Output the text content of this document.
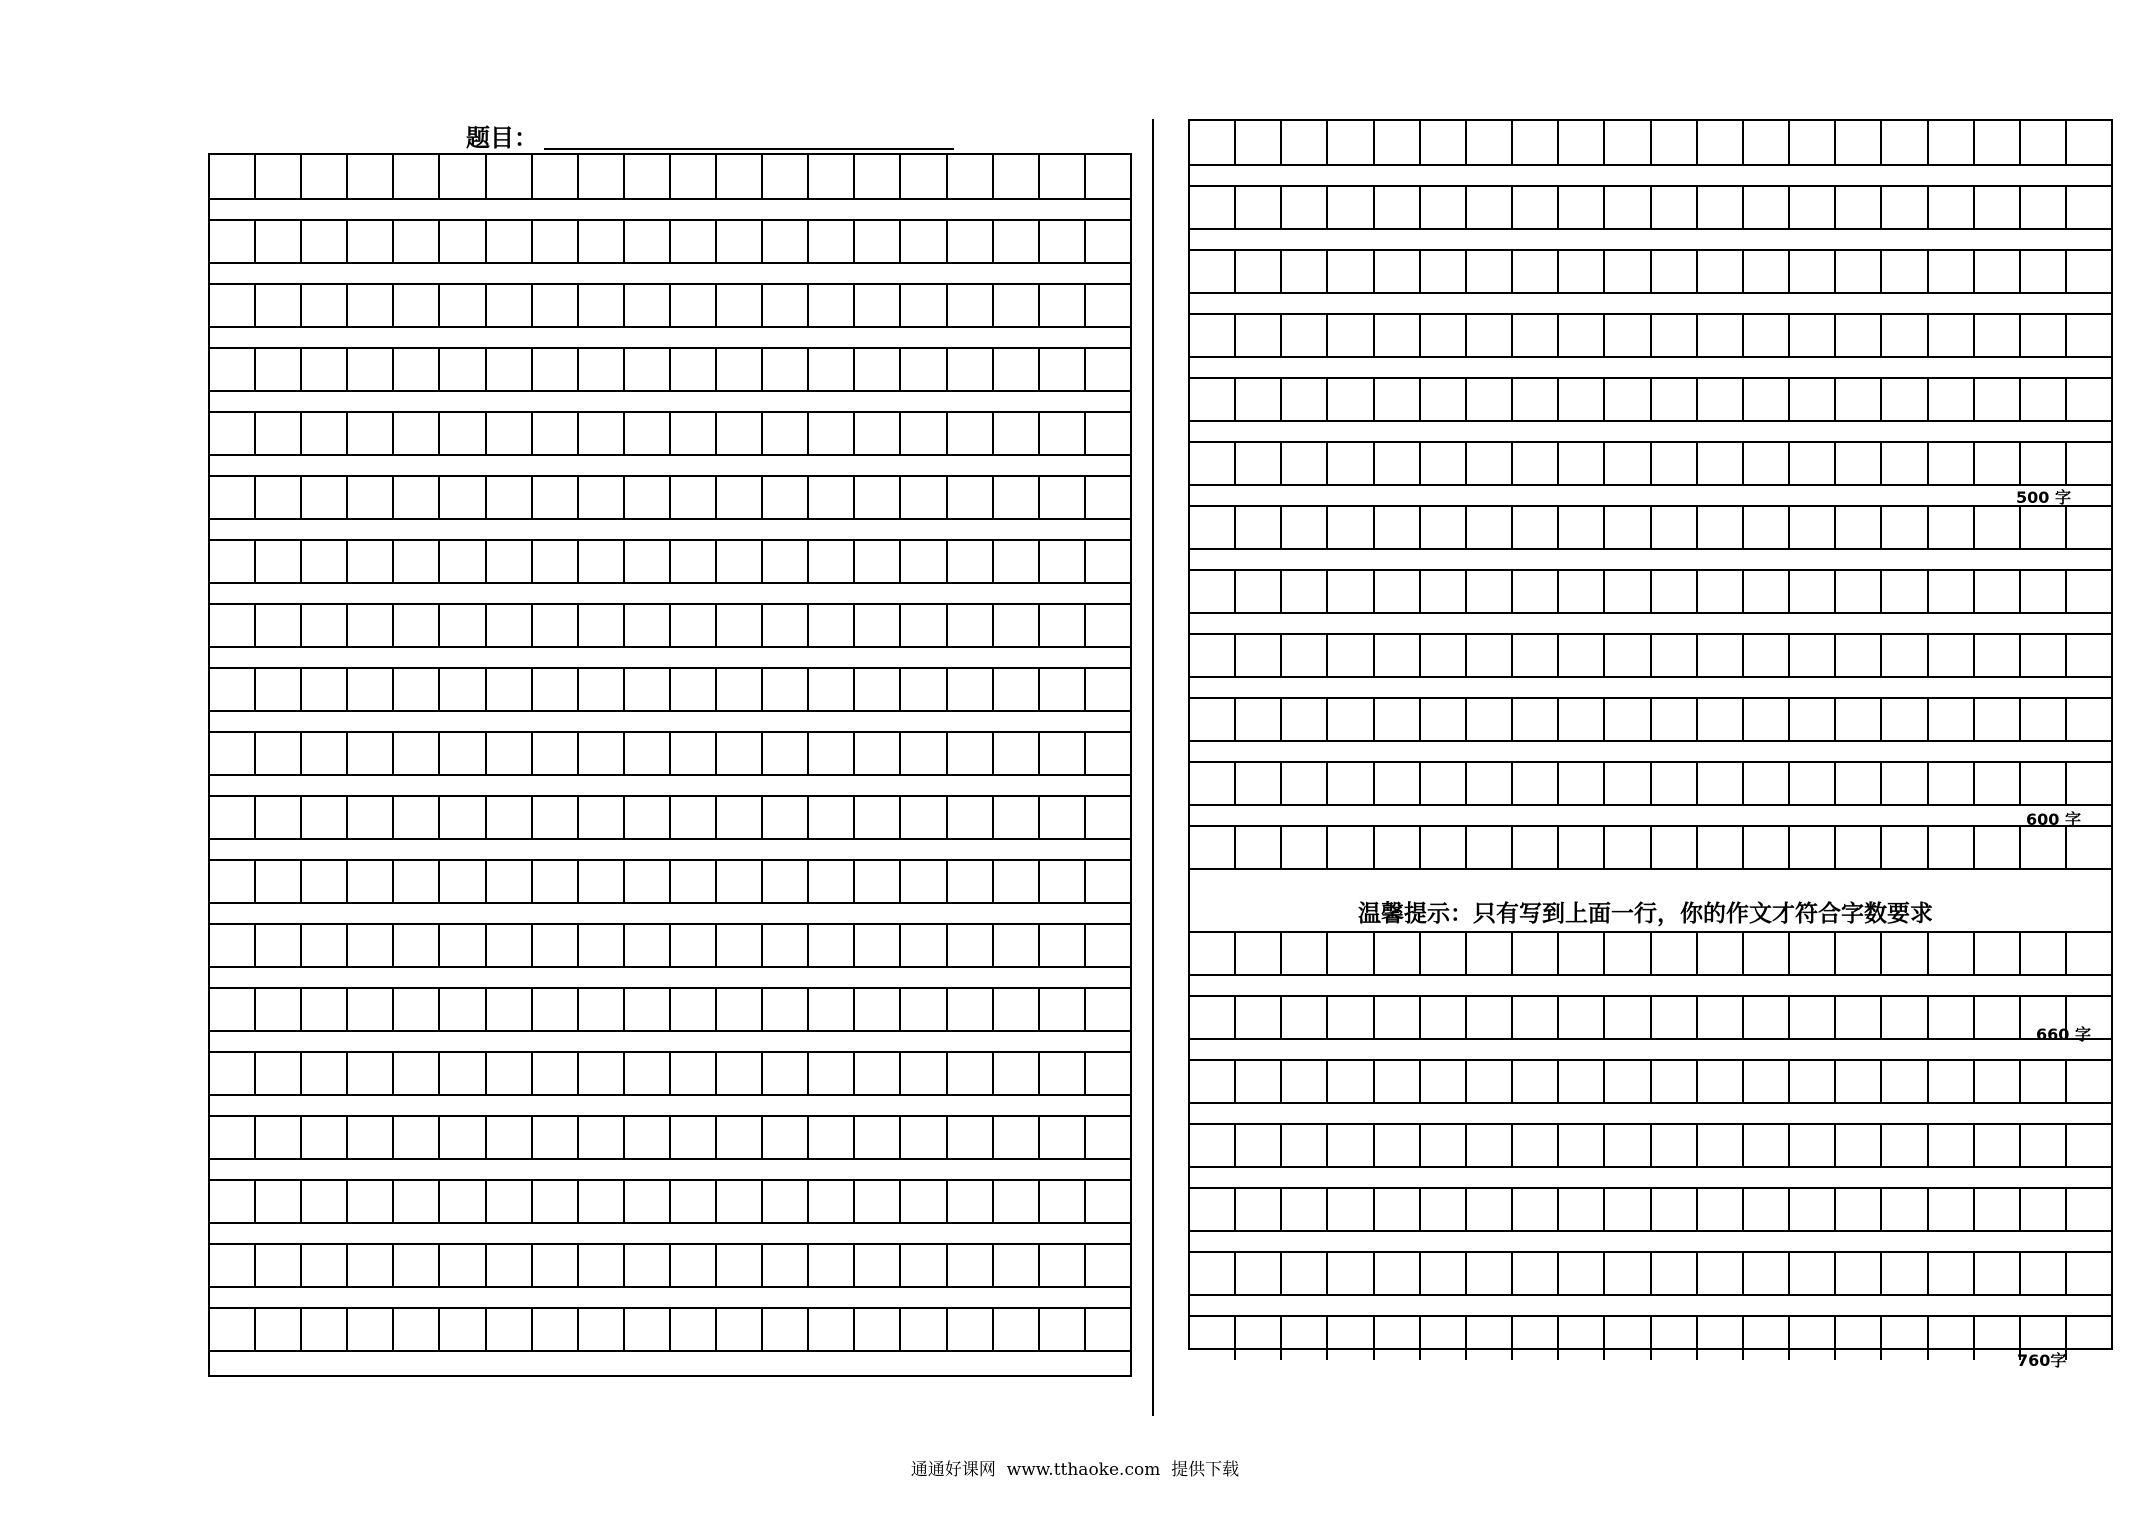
题目：
温馨提示：只有写到上面一行，你的作文才符合字数要求
500 字
600 字
660 字
760字
通通好课网 www.tthaoke.com 提供下载
